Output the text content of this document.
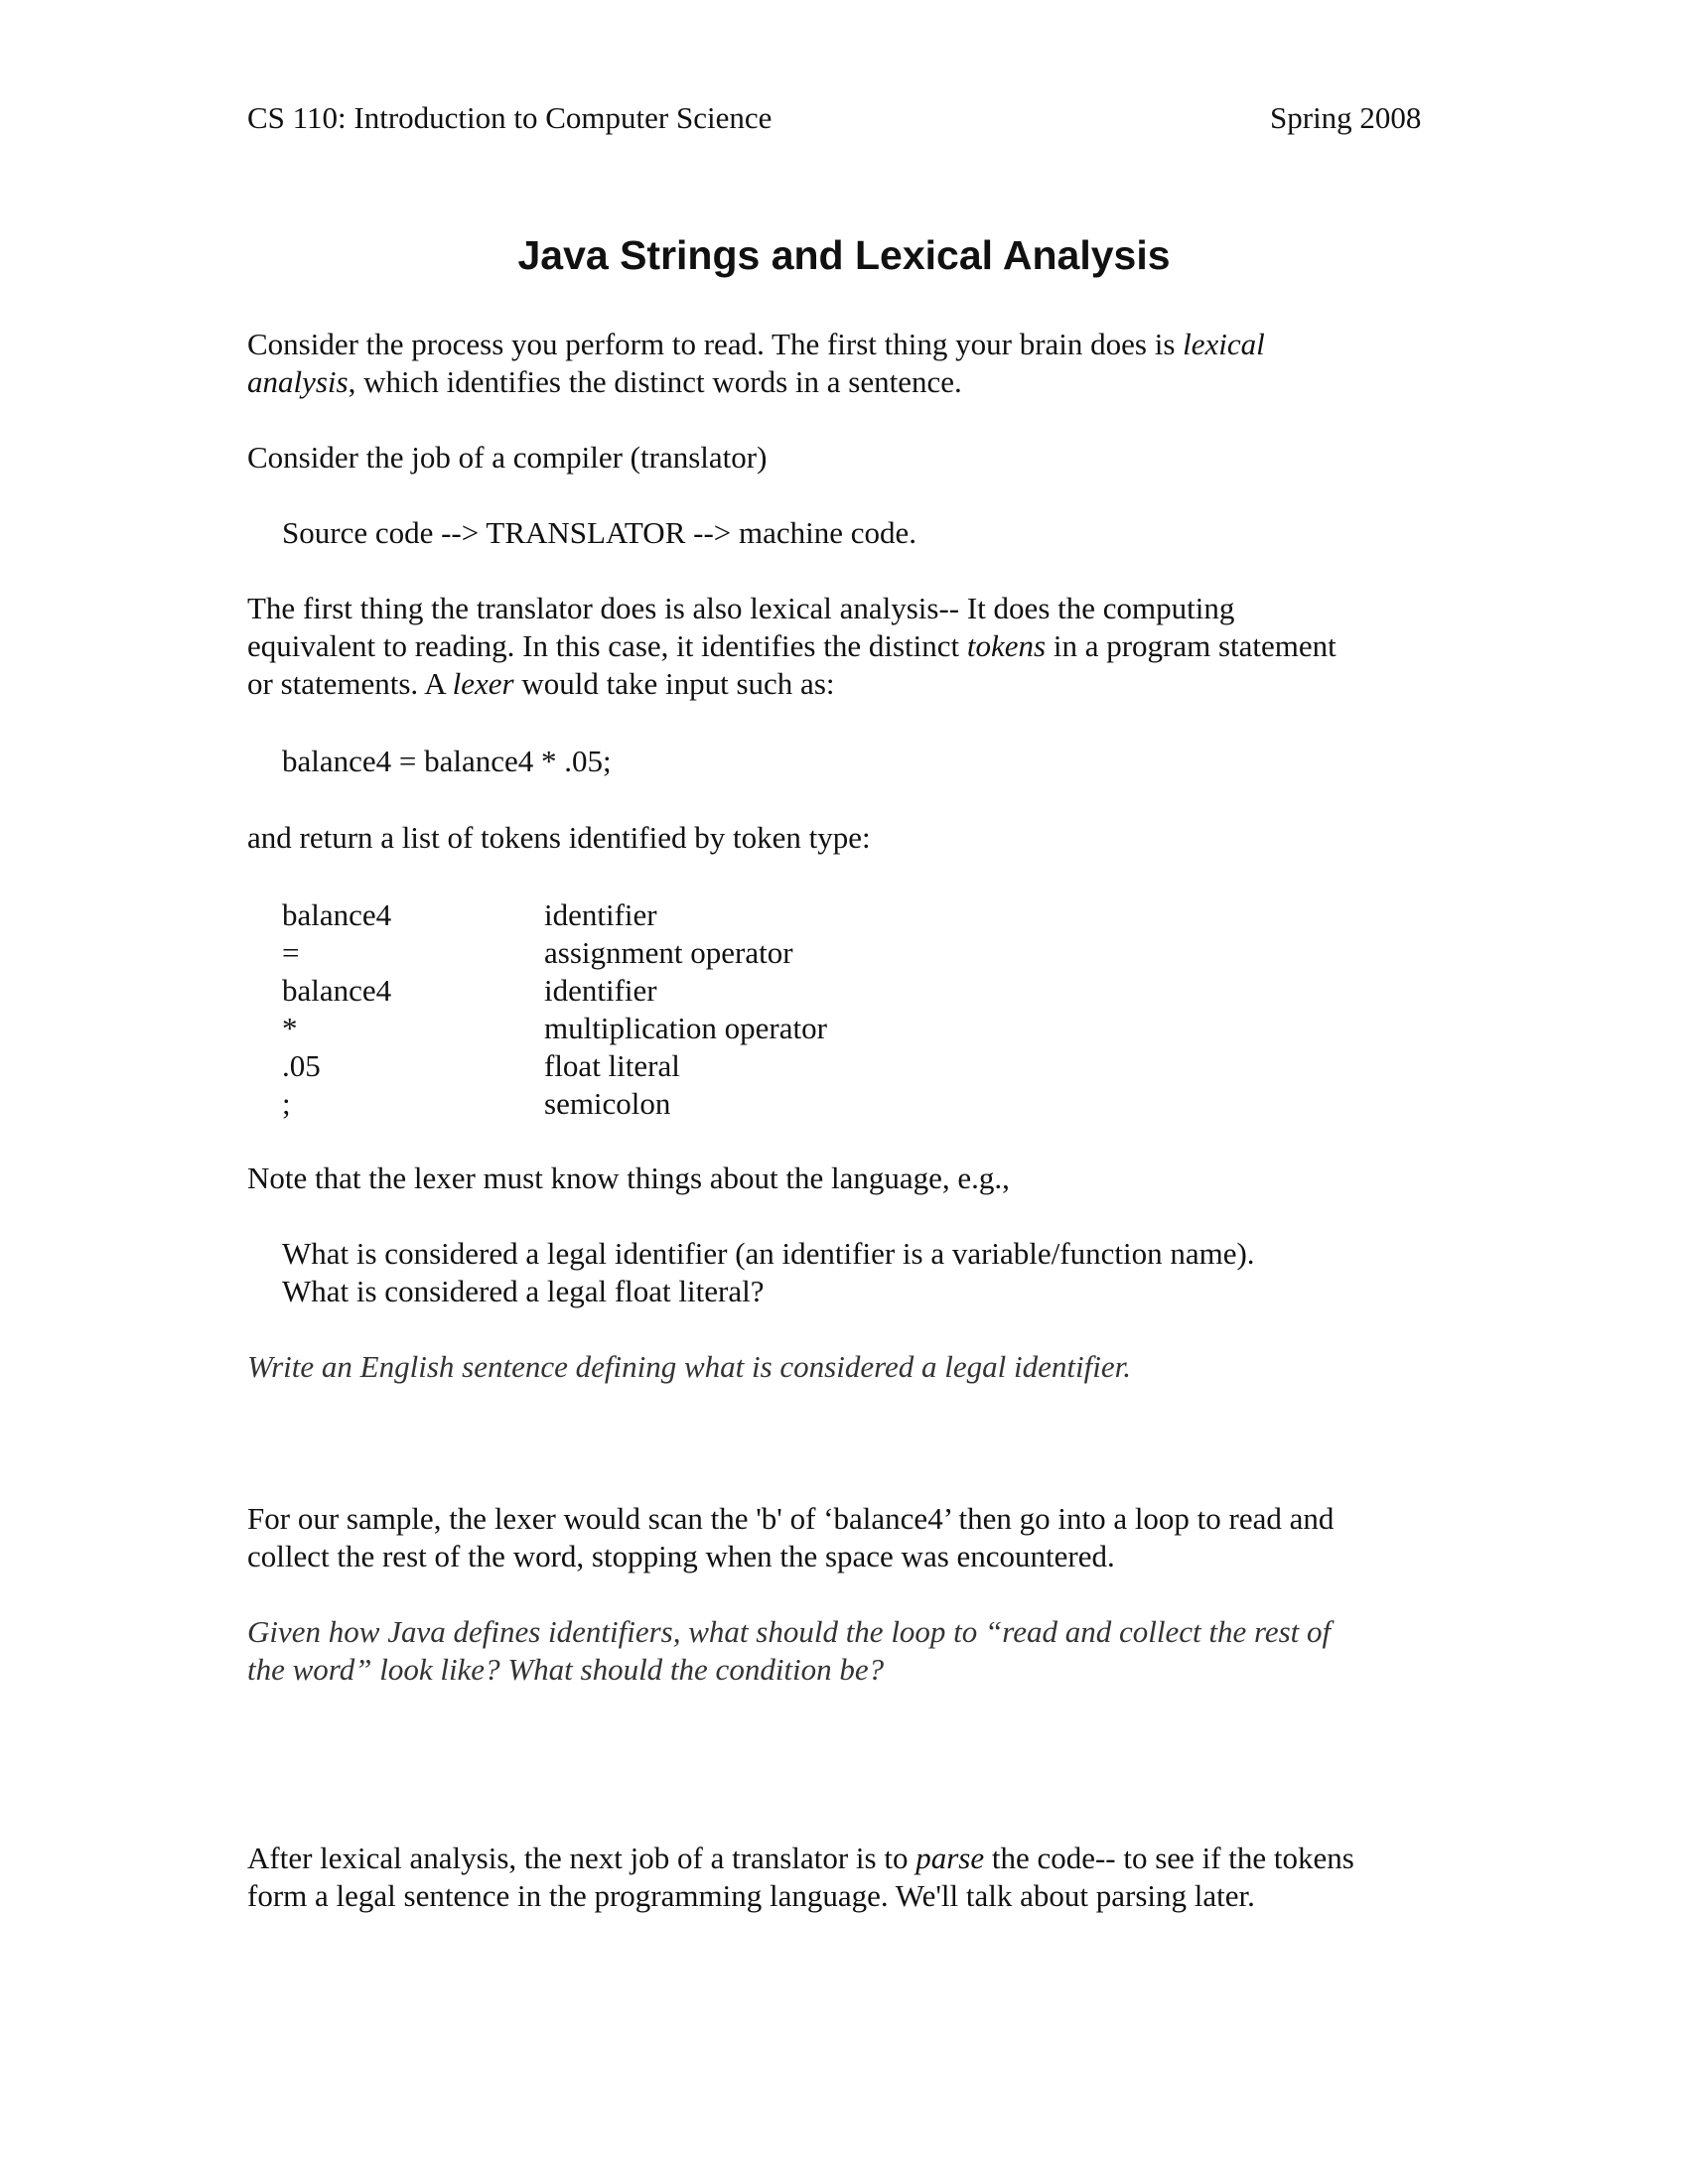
CS 110: Introduction to Computer Science	Spring 2008
Java Strings and Lexical Analysis

Consider the process you perform to read. The first thing your brain does is lexical
analysis, which identifies the distinct words in a sentence.

Consider the job of a compiler (translator)

Source code --> TRANSLATOR --> machine code.

The first thing the translator does is also lexical analysis-- It does the computing
equivalent to reading. In this case, it identifies the distinct tokens in a program statement
or statements. A lexer would take input such as:

balance4 = balance4 * .05;

and return a list of tokens identified by token type:

balance4	identifier
=	assignment operator
balance4	identifier
*	multiplication operator
.05	float literal
;	semicolon

Note that the lexer must know things about the language, e.g.,

What is considered a legal identifier (an identifier is a variable/function name).
What is considered a legal float literal?

Write an English sentence defining what is considered a legal identifier.

For our sample, the lexer would scan the 'b' of ‘balance4’ then go into a loop to read and
collect the rest of the word, stopping when the space was encountered.

Given how Java defines identifiers, what should the loop to “read and collect the rest of
the word” look like? What should the condition be?

After lexical analysis, the next job of a translator is to parse the code-- to see if the tokens
form a legal sentence in the programming language. We'll talk about parsing later.
